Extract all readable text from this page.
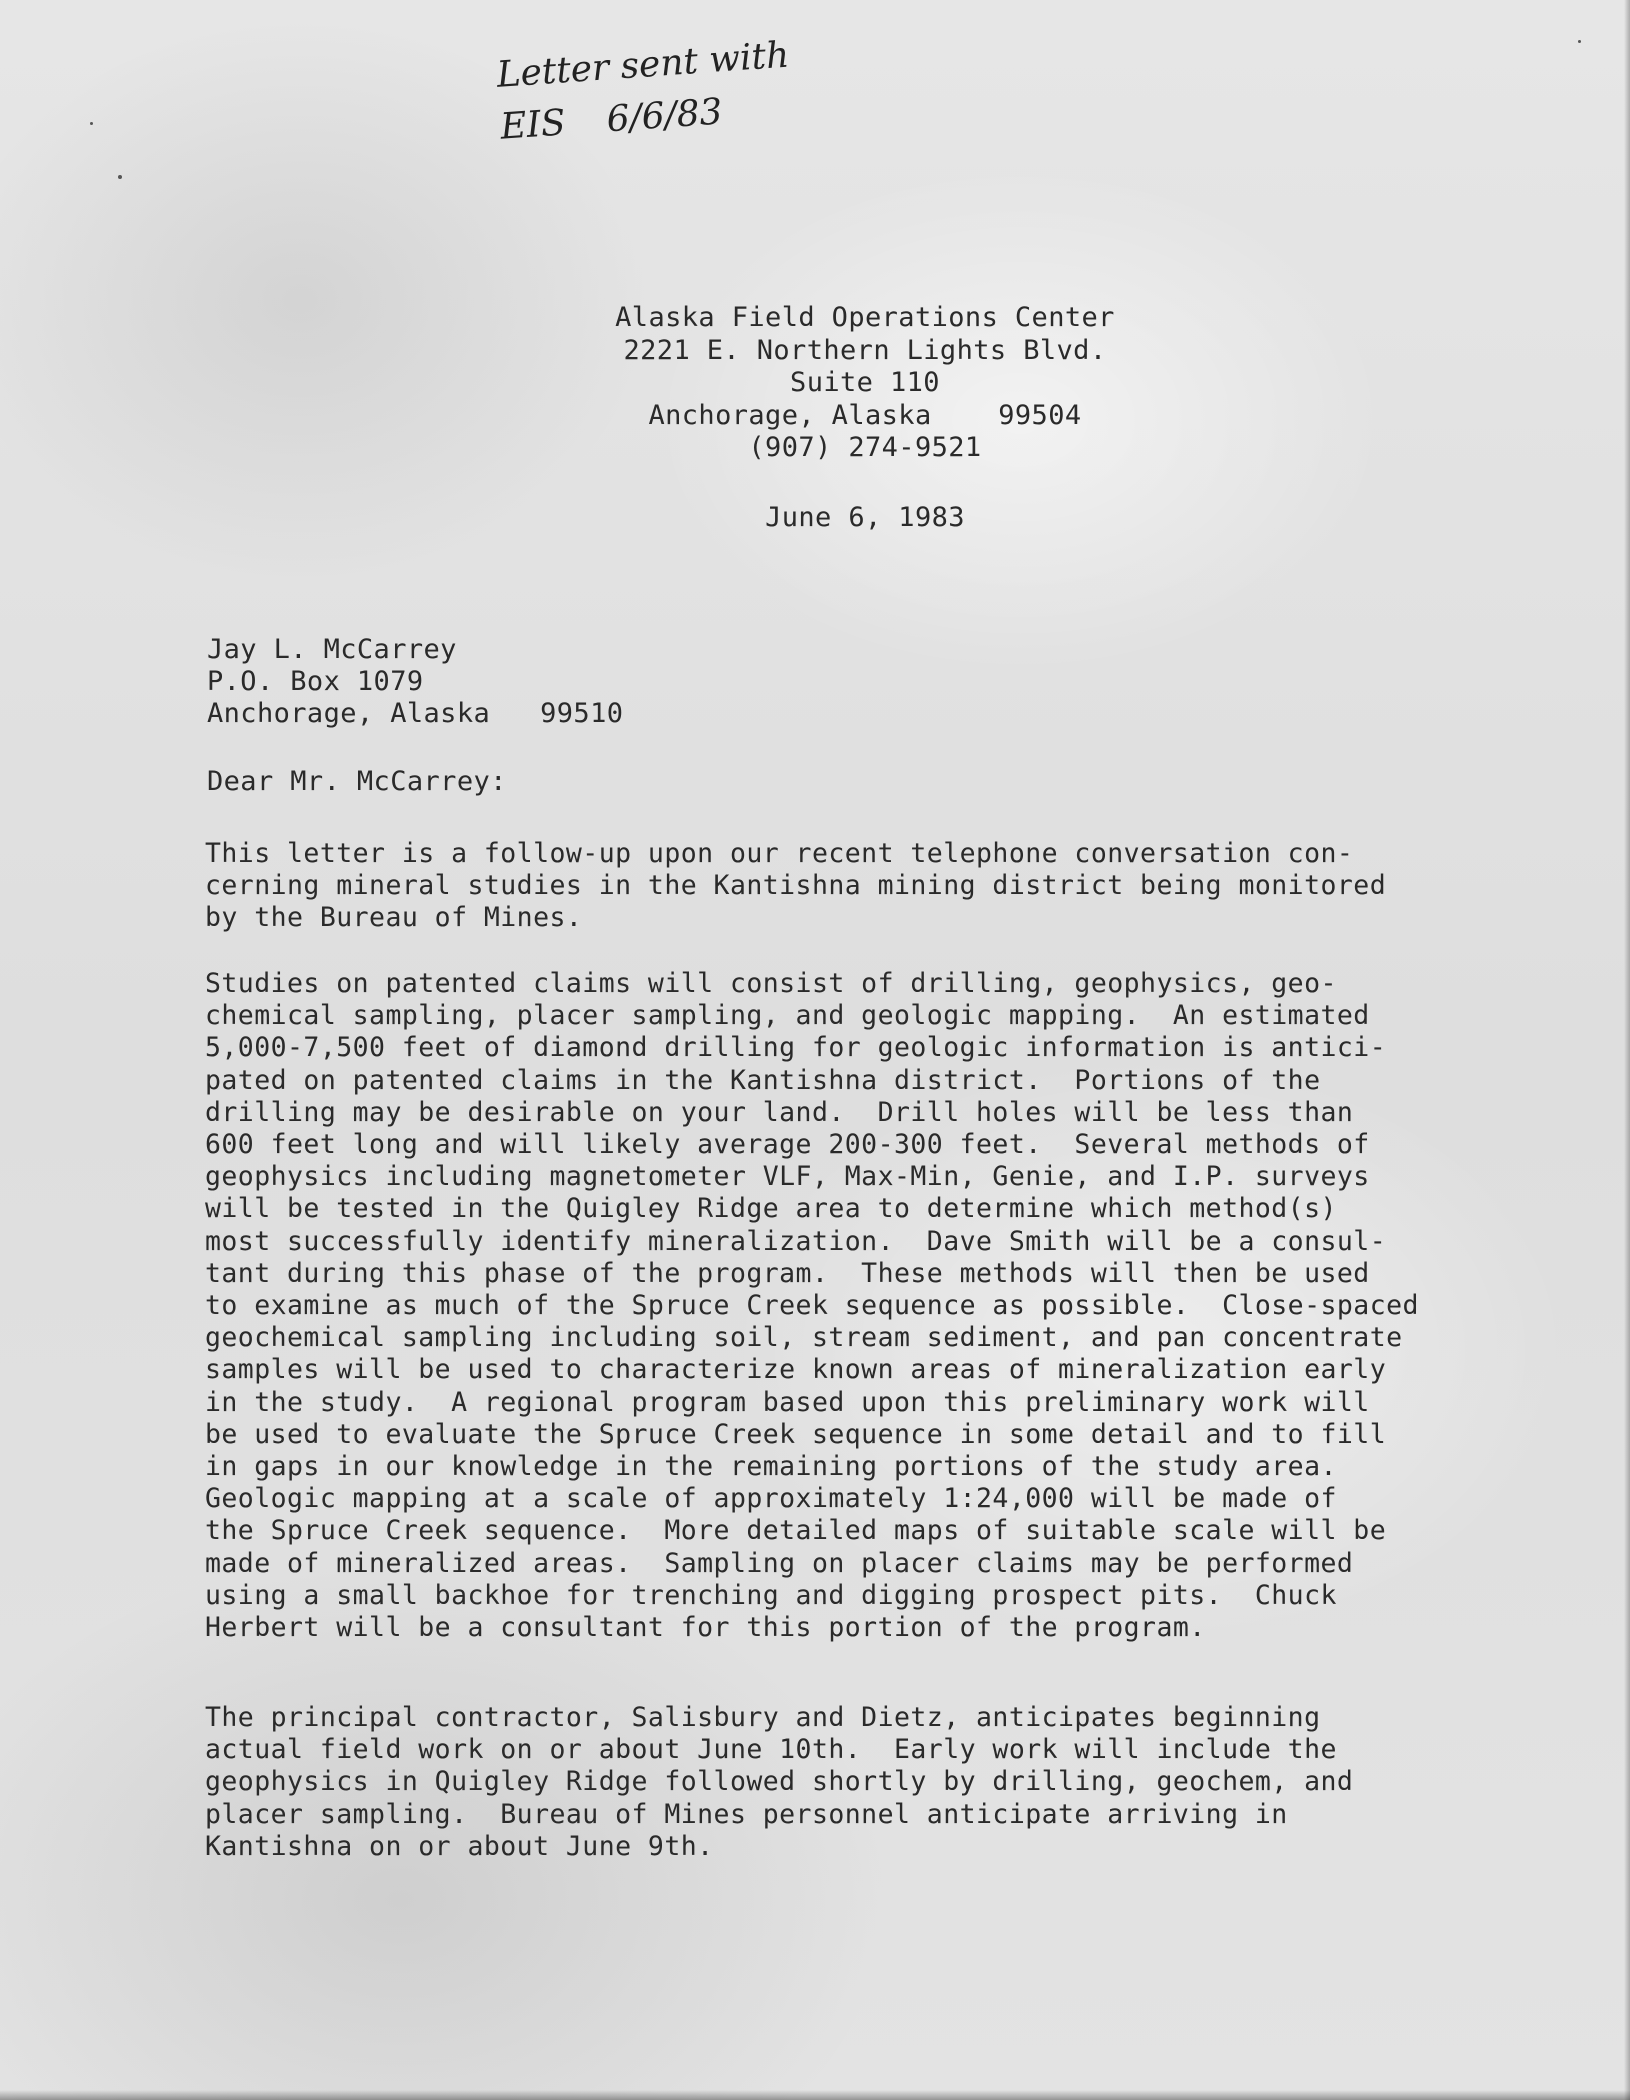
Letter sent with
EIS 6/6/83
Alaska Field Operations Center
2221 E. Northern Lights Blvd.
Suite 110
Anchorage, Alaska    99504
(907) 274-9521
June 6, 1983
Jay L. McCarrey
P.O. Box 1079
Anchorage, Alaska   99510
Dear Mr. McCarrey:
This letter is a follow-up upon our recent telephone conversation con-
cerning mineral studies in the Kantishna mining district being monitored
by the Bureau of Mines.
Studies on patented claims will consist of drilling, geophysics, geo-
chemical sampling, placer sampling, and geologic mapping.  An estimated
5,000-7,500 feet of diamond drilling for geologic information is antici-
pated on patented claims in the Kantishna district.  Portions of the
drilling may be desirable on your land.  Drill holes will be less than
600 feet long and will likely average 200-300 feet.  Several methods of
geophysics including magnetometer VLF, Max-Min, Genie, and I.P. surveys
will be tested in the Quigley Ridge area to determine which method(s)
most successfully identify mineralization.  Dave Smith will be a consul-
tant during this phase of the program.  These methods will then be used
to examine as much of the Spruce Creek sequence as possible.  Close-spaced
geochemical sampling including soil, stream sediment, and pan concentrate
samples will be used to characterize known areas of mineralization early
in the study.  A regional program based upon this preliminary work will
be used to evaluate the Spruce Creek sequence in some detail and to fill
in gaps in our knowledge in the remaining portions of the study area.
Geologic mapping at a scale of approximately 1:24,000 will be made of
the Spruce Creek sequence.  More detailed maps of suitable scale will be
made of mineralized areas.  Sampling on placer claims may be performed
using a small backhoe for trenching and digging prospect pits.  Chuck
Herbert will be a consultant for this portion of the program.
The principal contractor, Salisbury and Dietz, anticipates beginning
actual field work on or about June 10th.  Early work will include the
geophysics in Quigley Ridge followed shortly by drilling, geochem, and
placer sampling.  Bureau of Mines personnel anticipate arriving in
Kantishna on or about June 9th.
